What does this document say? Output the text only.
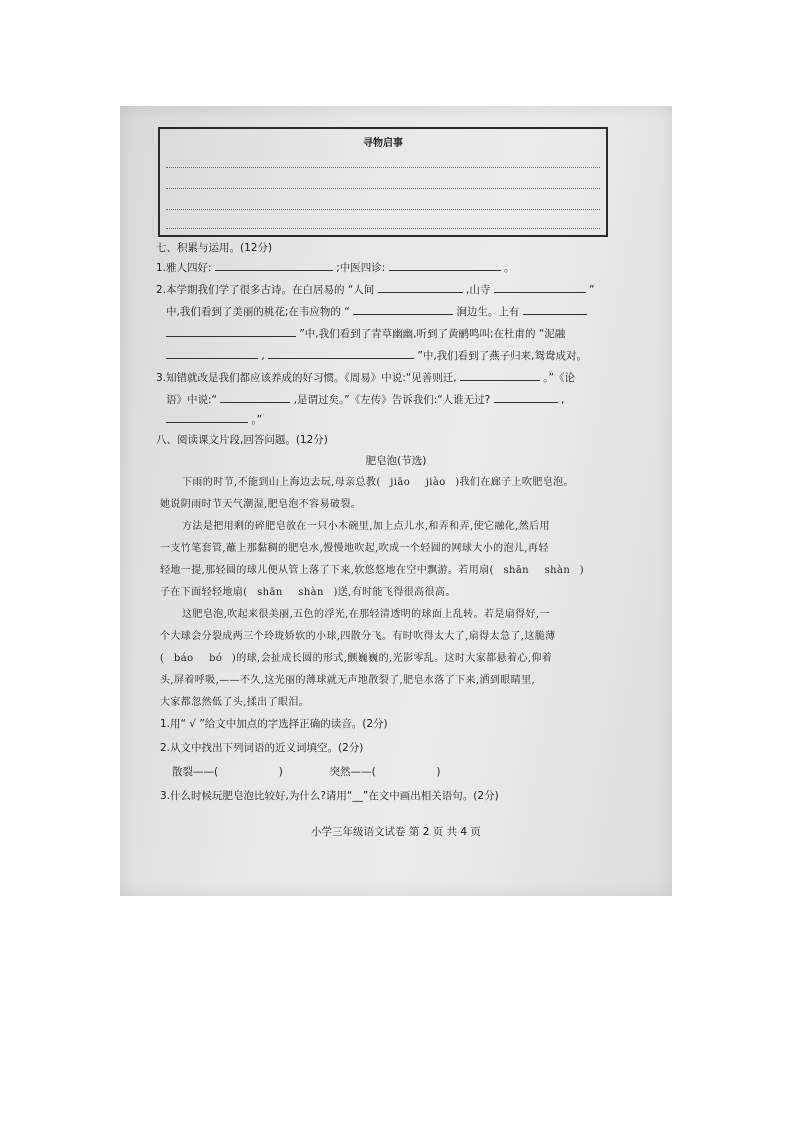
寻物启事
七、积累与运用。(12分)
1.雅人四好:	;中医四诊:	。
2.本学期我们学了很多古诗。在白居易的 “人间	,山寺	”
中,我们看到了美丽的桃花;在韦应物的 “	涧边生。上有
”中,我们看到了青草幽幽,听到了黄鹂鸣叫;在杜甫的 “泥融
,	”中,我们看到了燕子归来,鸳鸯成对。
3.知错就改是我们都应该养成的好习惯。《周易》中说:“见善则迁,	。”《论
语》中说:“	,是谓过矣。”《左传》告诉我们:“人谁无过?	,
。”
八、阅读课文片段,回答问题。(12分)
肥皂泡(节选)
下雨的时节,不能到山上海边去玩,母亲总教( jiāo jiào )我们在廊子上吹肥皂泡。
她说阴雨时节天气潮湿,肥皂泡不容易破裂。
方法是把用剩的碎肥皂放在一只小木碗里,加上点儿水,和弄和弄,使它融化,然后用
一支竹笔套管,蘸上那黏稠的肥皂水,慢慢地吹起,吹成一个轻圆的网球大小的泡儿,再轻
轻地一提,那轻圆的球儿便从管上落了下来,软悠悠地在空中飘游。若用扇( shān shàn )
子在下面轻轻地扇( shān shàn )送,有时能飞得很高很高。
这肥皂泡,吹起来很美丽,五色的浮光,在那轻清透明的球面上乱转。若是扇得好,一
个大球会分裂成两三个玲珑娇软的小球,四散分飞。有时吹得太大了,扇得太急了,这脆薄
( báo bó )的球,会扯成长圆的形式,颤巍巍的,光影零乱。这时大家都悬着心,仰着
头,屏着呼吸,——不久,这光丽的薄球就无声地散裂了,肥皂水落了下来,洒到眼睛里,
大家都忽然低了头,揉出了眼泪。
1.用“ √ ”给文中加点的字选择正确的读音。(2分)
2.从文中找出下列词语的近义词填空。(2分)
散裂——(	)	突然——(	)
3.什么时候玩肥皂泡比较好,为什么?请用“__”在文中画出相关语句。(2分)
小学三年级语文试卷 第 2 页 共 4 页
